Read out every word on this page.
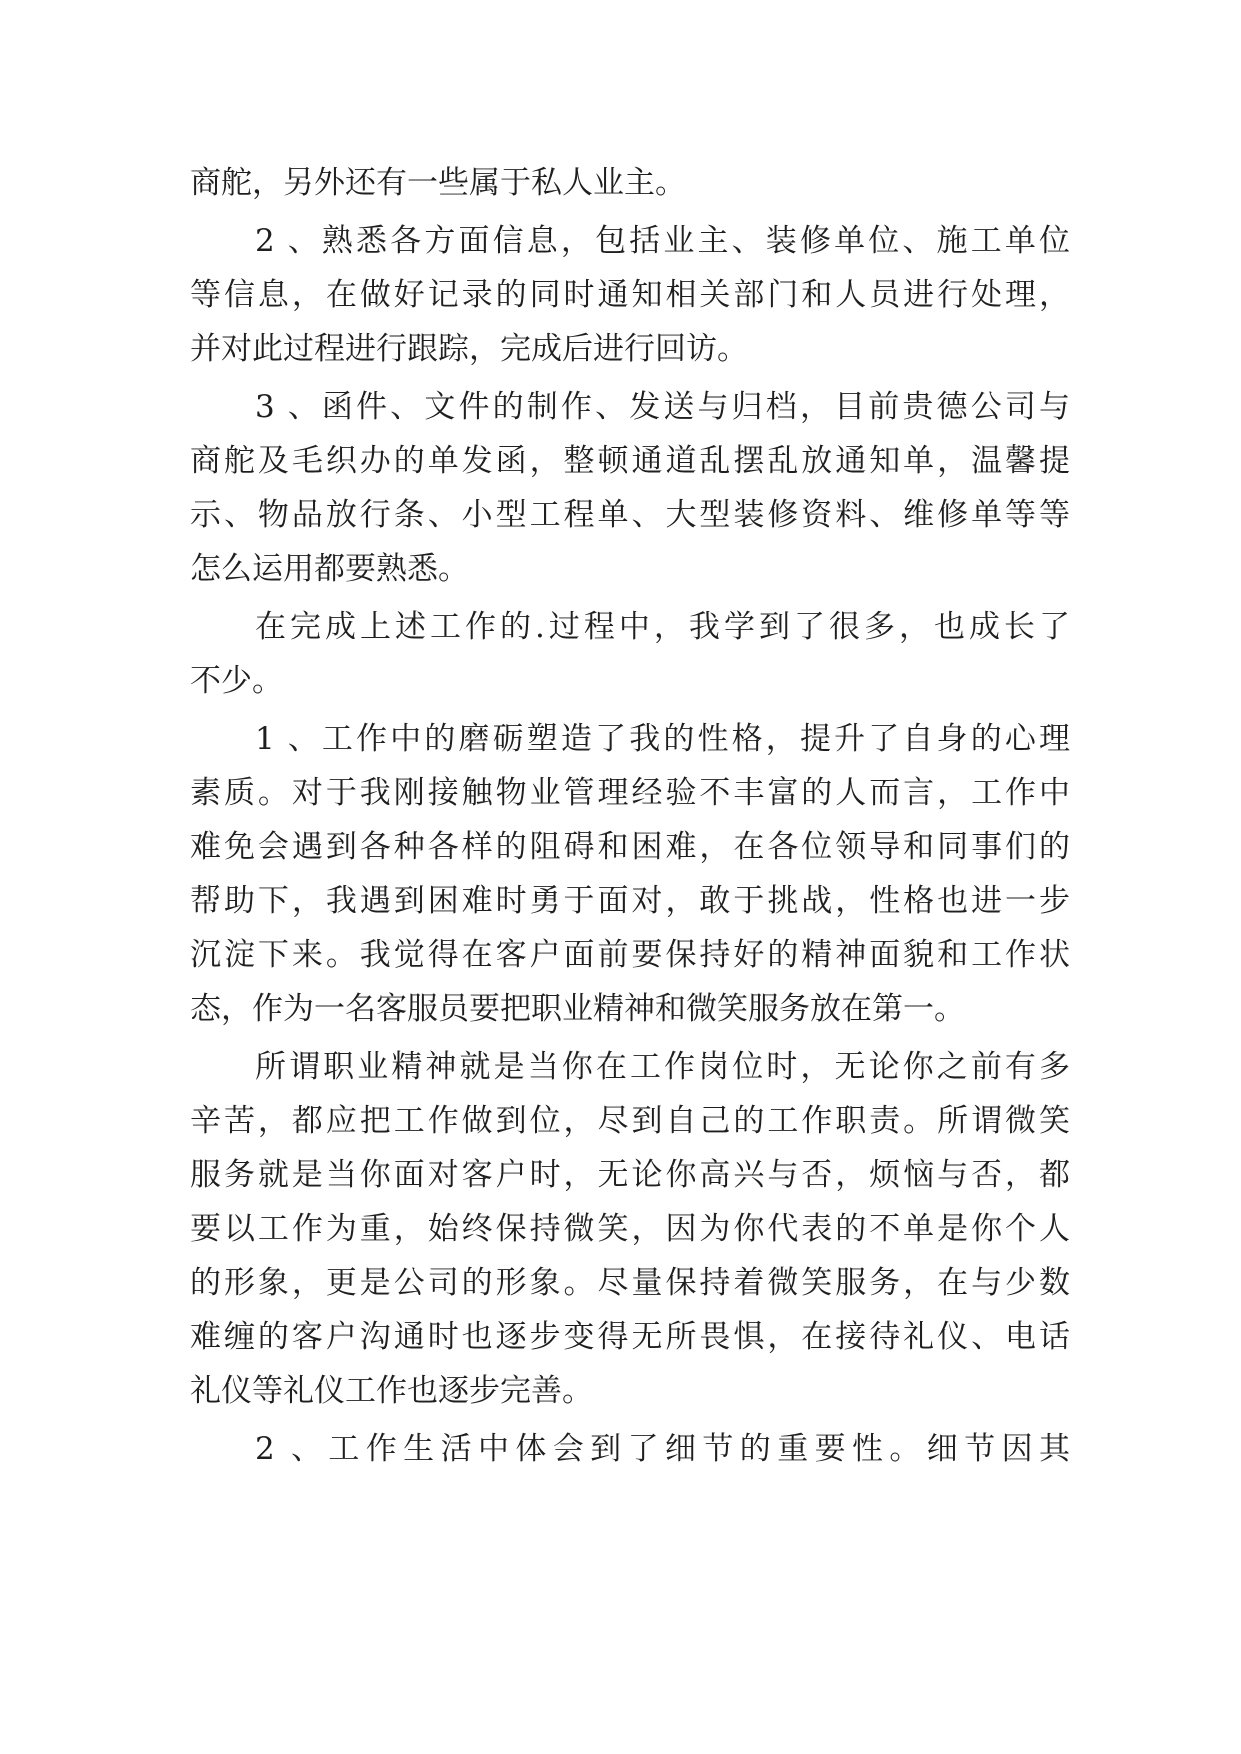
商舵，另外还有一些属于私人业主。
2 、熟悉各方面信息，包括业主、装修单位、施工单位
等信息，在做好记录的同时通知相关部门和人员进行处理，
并对此过程进行跟踪，完成后进行回访。
3 、函件、文件的制作、发送与归档，目前贵德公司与
商舵及毛织办的单发函，整顿通道乱摆乱放通知单，温馨提
示、物品放行条、小型工程单、大型装修资料、维修单等等
怎么运用都要熟悉。
在完成上述工作的.过程中，我学到了很多，也成长了
不少。
1 、工作中的磨砺塑造了我的性格，提升了自身的心理
素质。对于我刚接触物业管理经验不丰富的人而言，工作中
难免会遇到各种各样的阻碍和困难，在各位领导和同事们的
帮助下，我遇到困难时勇于面对，敢于挑战，性格也进一步
沉淀下来。我觉得在客户面前要保持好的精神面貌和工作状
态，作为一名客服员要把职业精神和微笑服务放在第一。
所谓职业精神就是当你在工作岗位时，无论你之前有多
辛苦，都应把工作做到位，尽到自己的工作职责。所谓微笑
服务就是当你面对客户时，无论你高兴与否，烦恼与否，都
要以工作为重，始终保持微笑，因为你代表的不单是你个人
的形象，更是公司的形象。尽量保持着微笑服务，在与少数
难缠的客户沟通时也逐步变得无所畏惧，在接待礼仪、电话
礼仪等礼仪工作也逐步完善。
2 、工作生活中体会到了细节的重要性。细节因其
